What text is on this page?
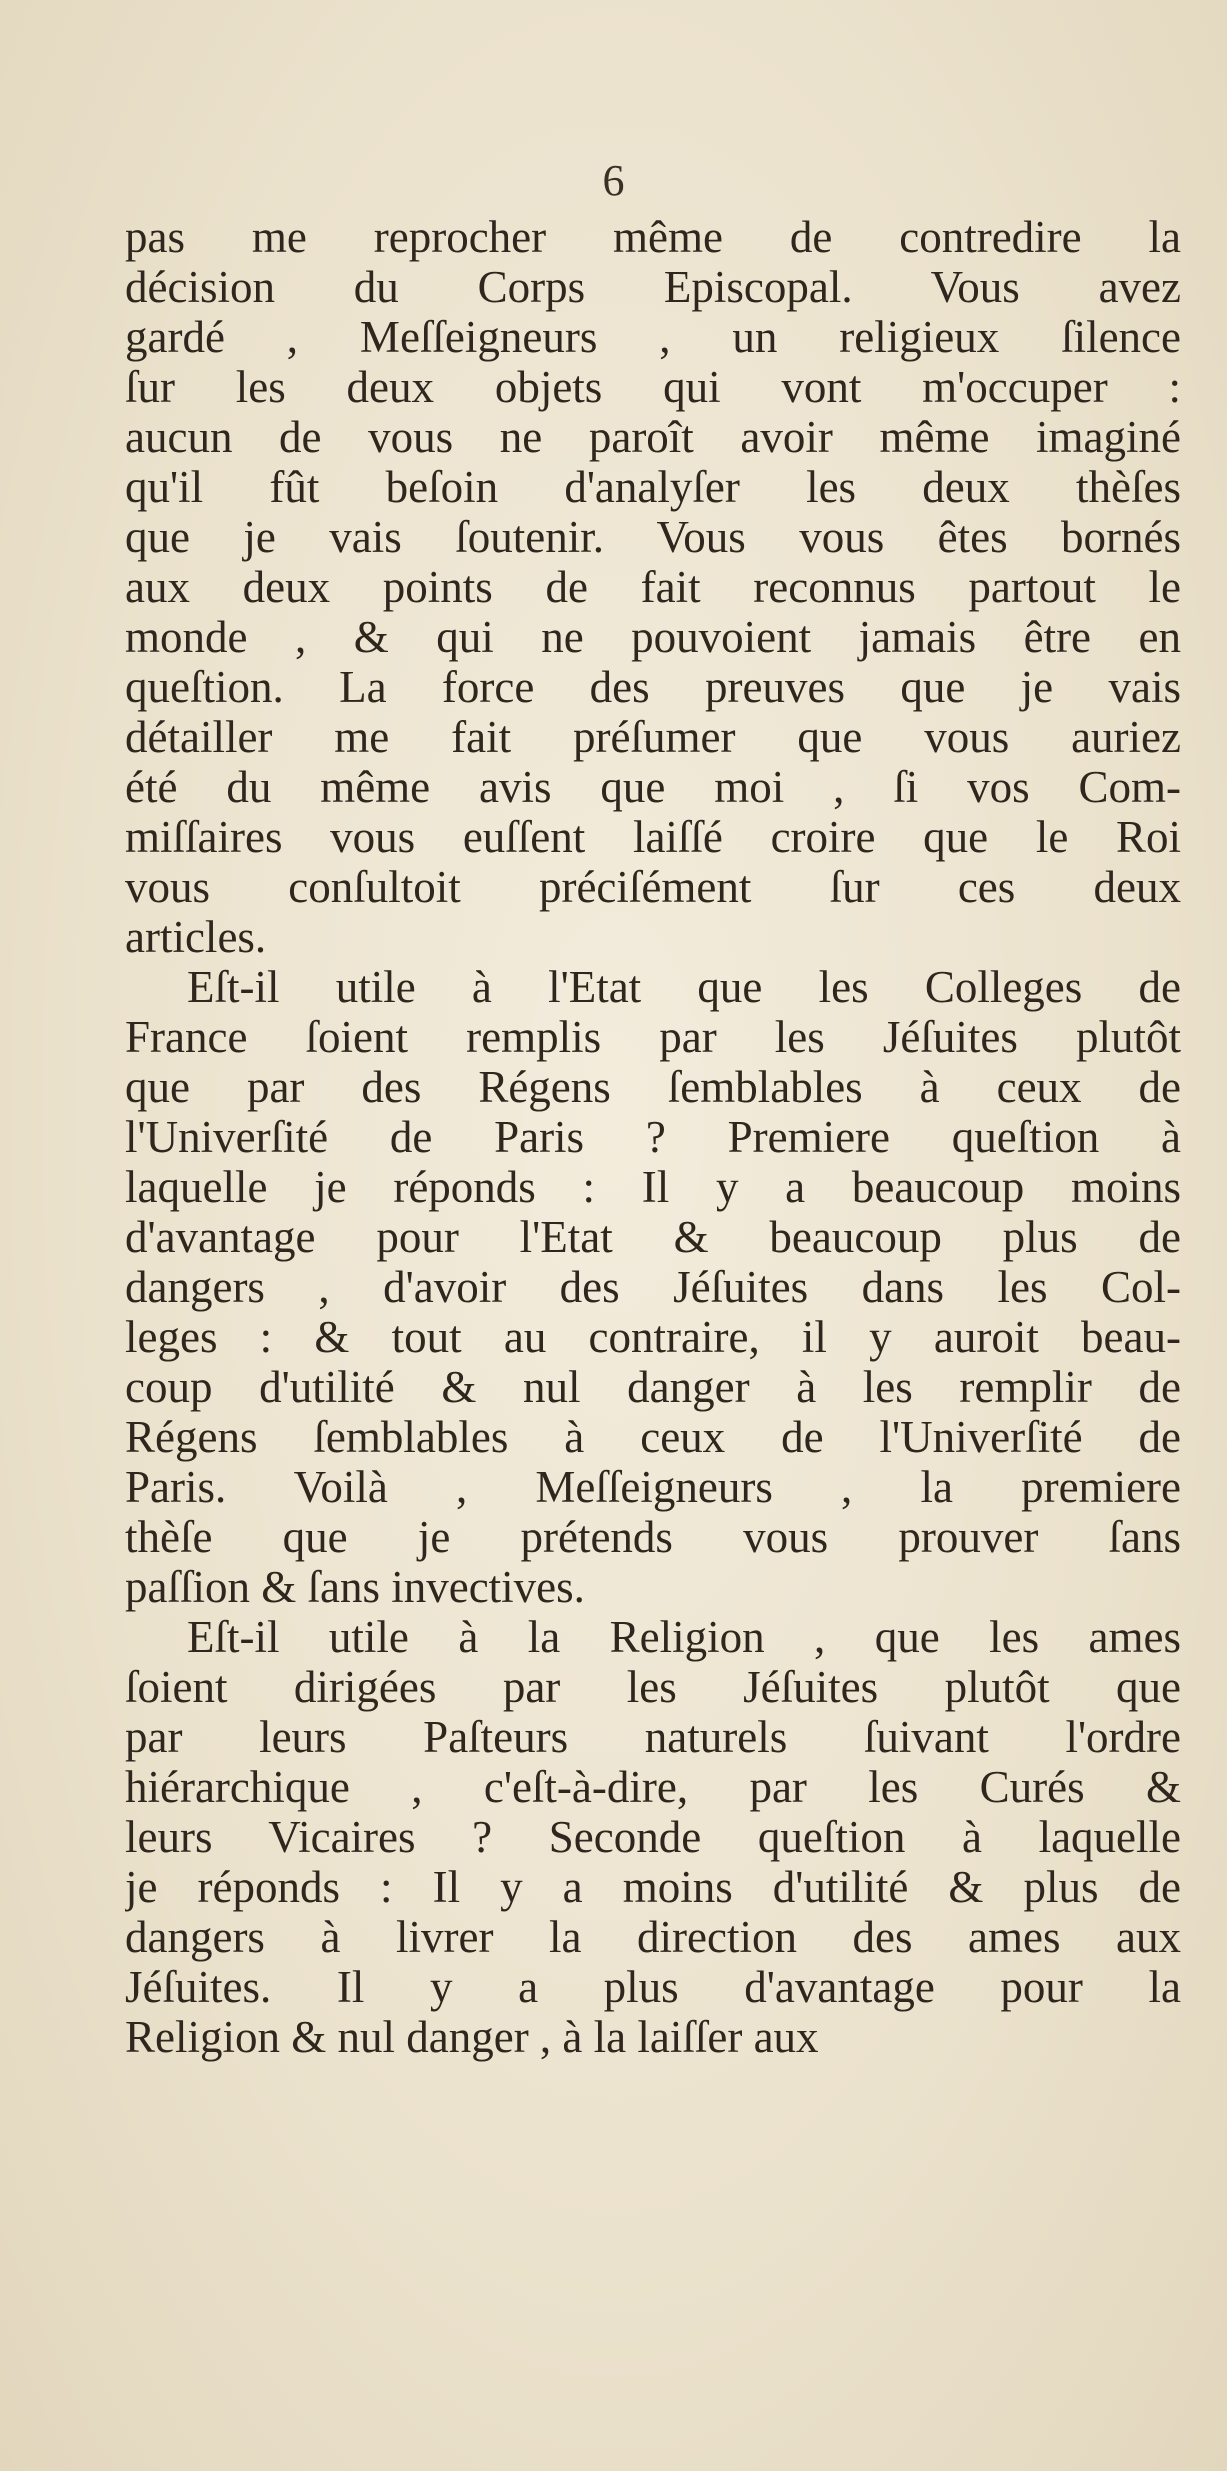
6
pas me reprocher même de contredire la
décision du Corps Episcopal. Vous avez
gardé , Meſſeigneurs , un religieux ſilence
ſur les deux objets qui vont m'occuper :
aucun de vous ne paroît avoir même imaginé
qu'il fût beſoin d'analyſer les deux thèſes
que je vais ſoutenir. Vous vous êtes bornés
aux deux points de fait reconnus partout le
monde , & qui ne pouvoient jamais être en
queſtion. La force des preuves que je vais
détailler me fait préſumer que vous auriez
été du même avis que moi , ſi vos Com-
miſſaires vous euſſent laiſſé croire que le Roi
vous conſultoit préciſément ſur ces deux
articles.
Eſt-il utile à l'Etat que les Colleges de
France ſoient remplis par les Jéſuites plutôt
que par des Régens ſemblables à ceux de
l'Univerſité de Paris ? Premiere queſtion à
laquelle je réponds : Il y a beaucoup moins
d'avantage pour l'Etat & beaucoup plus de
dangers , d'avoir des Jéſuites dans les Col-
leges : & tout au contraire, il y auroit beau-
coup d'utilité & nul danger à les remplir de
Régens ſemblables à ceux de l'Univerſité de
Paris. Voilà , Meſſeigneurs , la premiere
thèſe que je prétends vous prouver ſans
paſſion & ſans invectives.
Eſt-il utile à la Religion , que les ames
ſoient dirigées par les Jéſuites plutôt que
par leurs Paſteurs naturels ſuivant l'ordre
hiérarchique , c'eſt-à-dire, par les Curés &
leurs Vicaires ? Seconde queſtion à laquelle
je réponds : Il y a moins d'utilité & plus de
dangers à livrer la direction des ames aux
Jéſuites. Il y a plus d'avantage pour la
Religion & nul danger , à la laiſſer aux
